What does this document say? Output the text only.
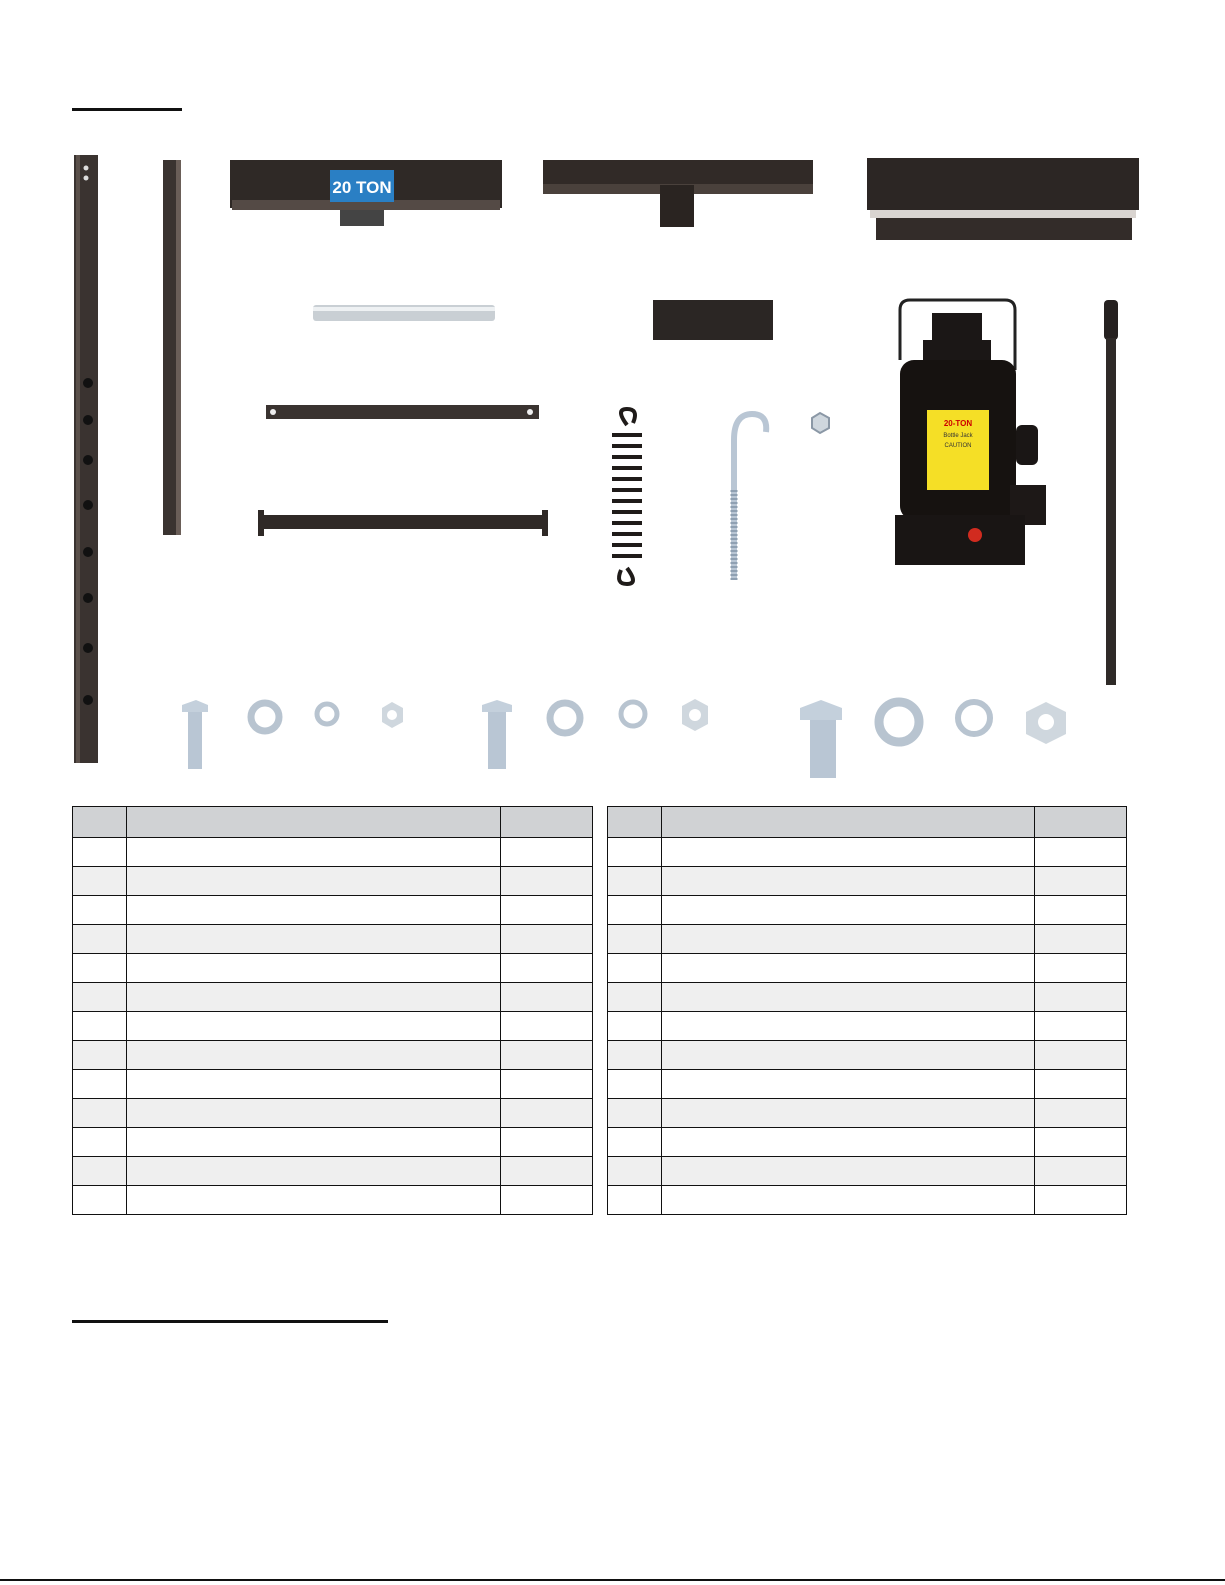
20 TON
20-TON
Bottle Jack
CAUTION
